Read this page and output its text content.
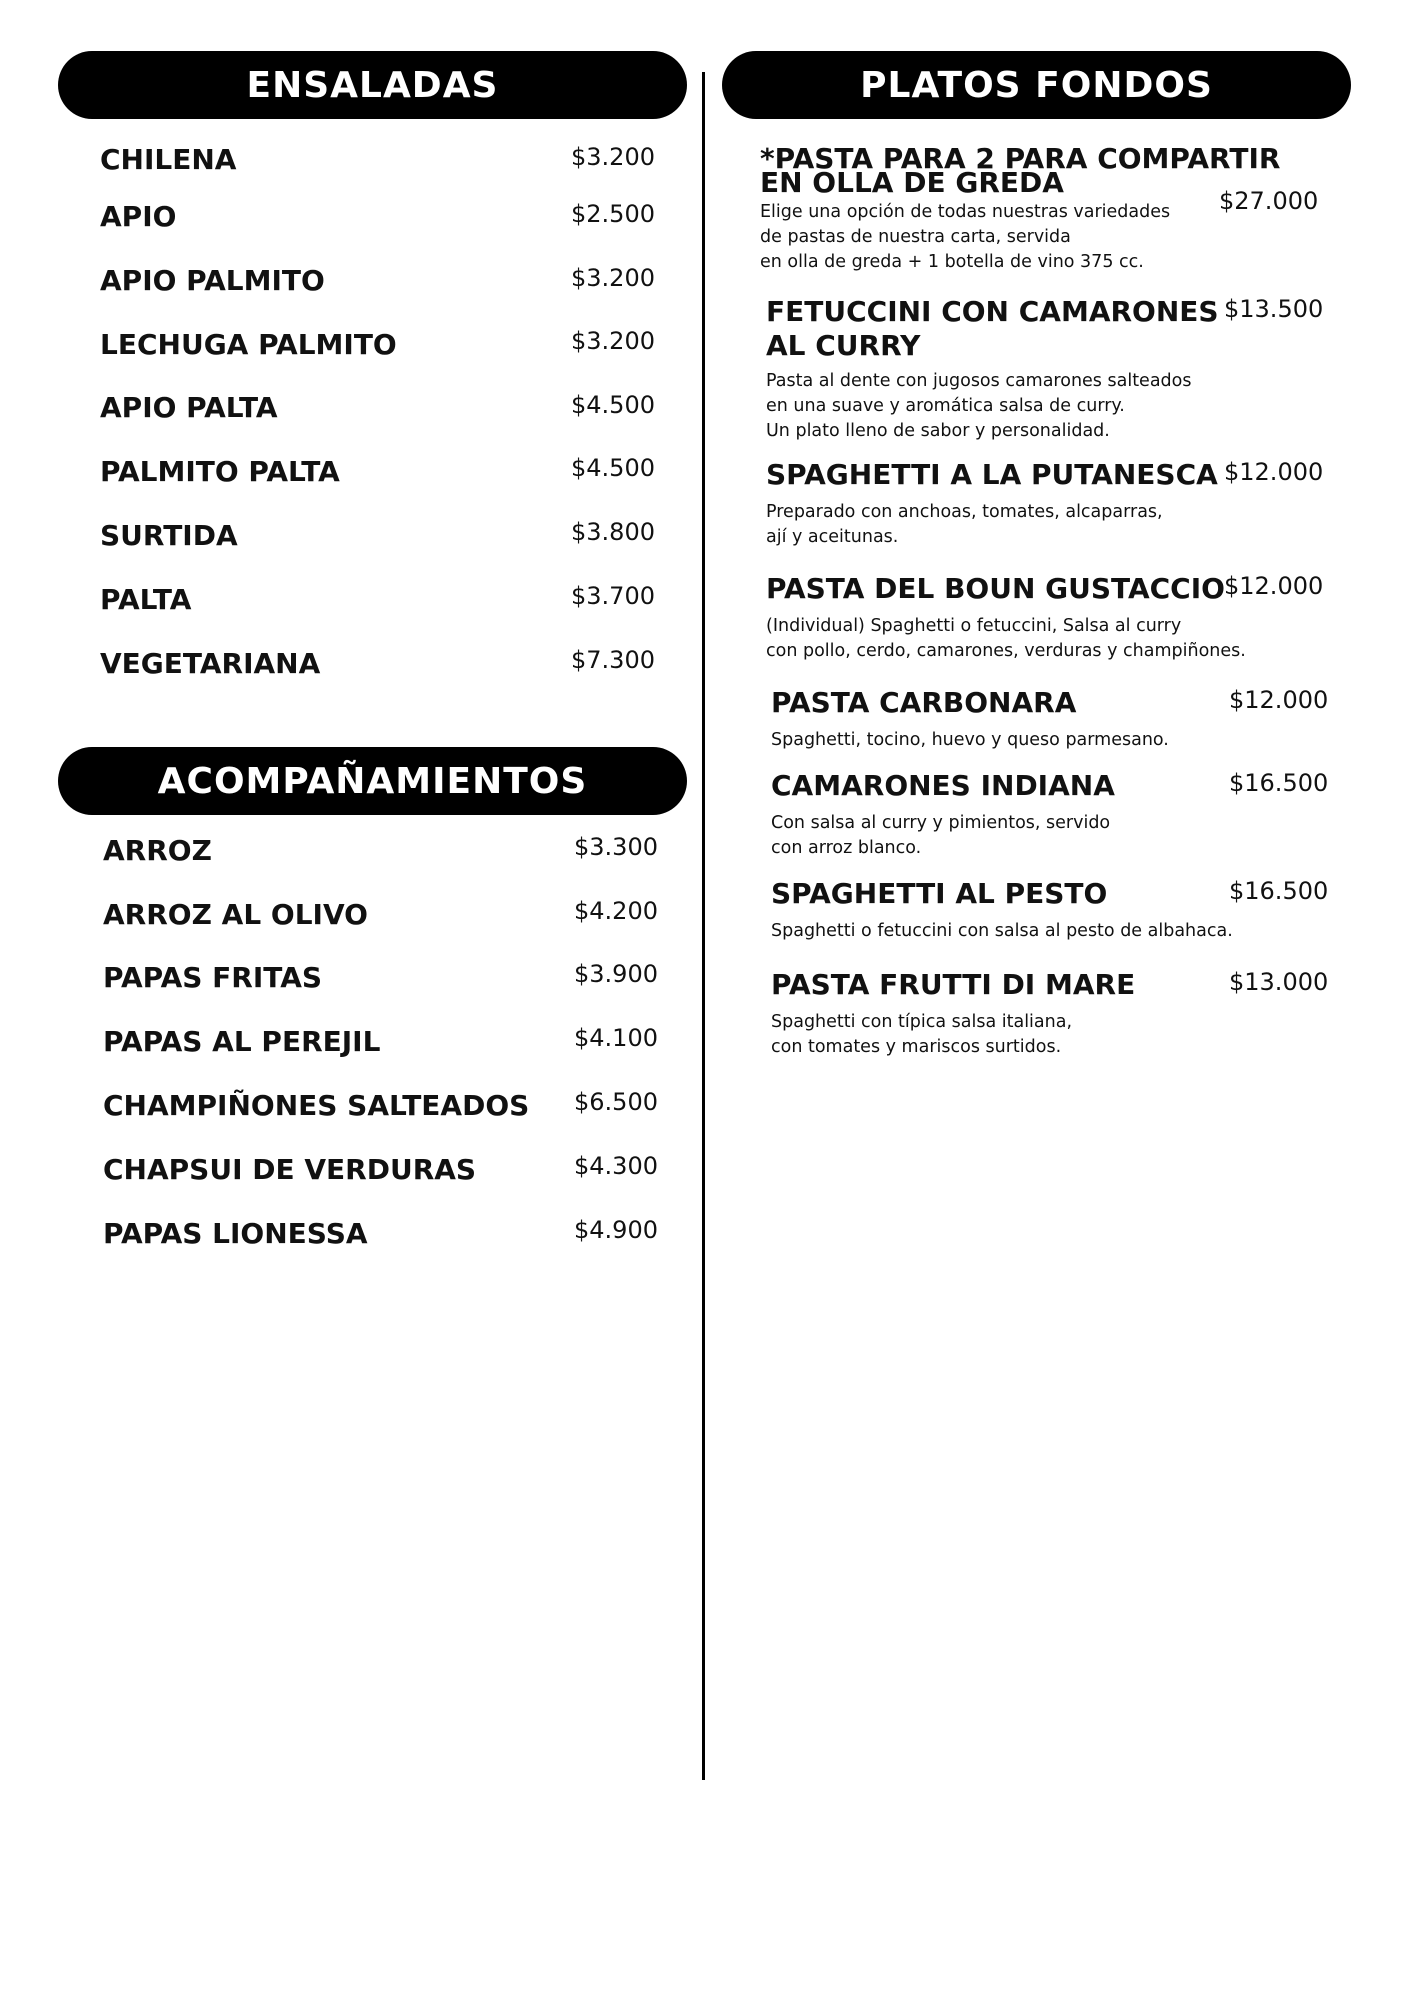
ENSALADAS
ACOMPAÑAMIENTOS
PLATOS FONDOS
CHILENA	$3.200
APIO	$2.500
APIO PALMITO	$3.200
LECHUGA PALMITO	$3.200
APIO PALTA	$4.500
PALMITO PALTA	$4.500
SURTIDA	$3.800
PALTA	$3.700
VEGETARIANA	$7.300
ARROZ	$3.300
ARROZ AL OLIVO	$4.200
PAPAS FRITAS	$3.900
PAPAS AL PEREJIL	$4.100
CHAMPIÑONES SALTEADOS $6.500
CHAPSUI DE VERDURAS	$4.300
PAPAS LIONESSA	$4.900
*PASTA PARA 2 PARA COMPARTIR
EN OLLA DE GREDA
Elige una opción de todas nuestras variedades
de pastas de nuestra carta, servida
en olla de greda + 1 botella de vino 375 cc.
$27.000
FETUCCINI CON CAMARONES
AL CURRY
Pasta al dente con jugosos camarones salteados
en una suave y aromática salsa de curry.
Un plato lleno de sabor y personalidad.
$13.500
SPAGHETTI A LA PUTANESCA
Preparado con anchoas, tomates, alcaparras,
ají y aceitunas.
$12.000
PASTA DEL BOUN GUSTACCIO
(Individual) Spaghetti o fetuccini, Salsa al curry
con pollo, cerdo, camarones, verduras y champiñones.
$12.000
PASTA CARBONARA
Spaghetti, tocino, huevo y queso parmesano.
$12.000
CAMARONES INDIANA
Con salsa al curry y pimientos, servido
con arroz blanco.
$16.500
SPAGHETTI AL PESTO
Spaghetti o fetuccini con salsa al pesto de albahaca.
$16.500
PASTA FRUTTI DI MARE
Spaghetti con típica salsa italiana,
con tomates y mariscos surtidos.
$13.000
